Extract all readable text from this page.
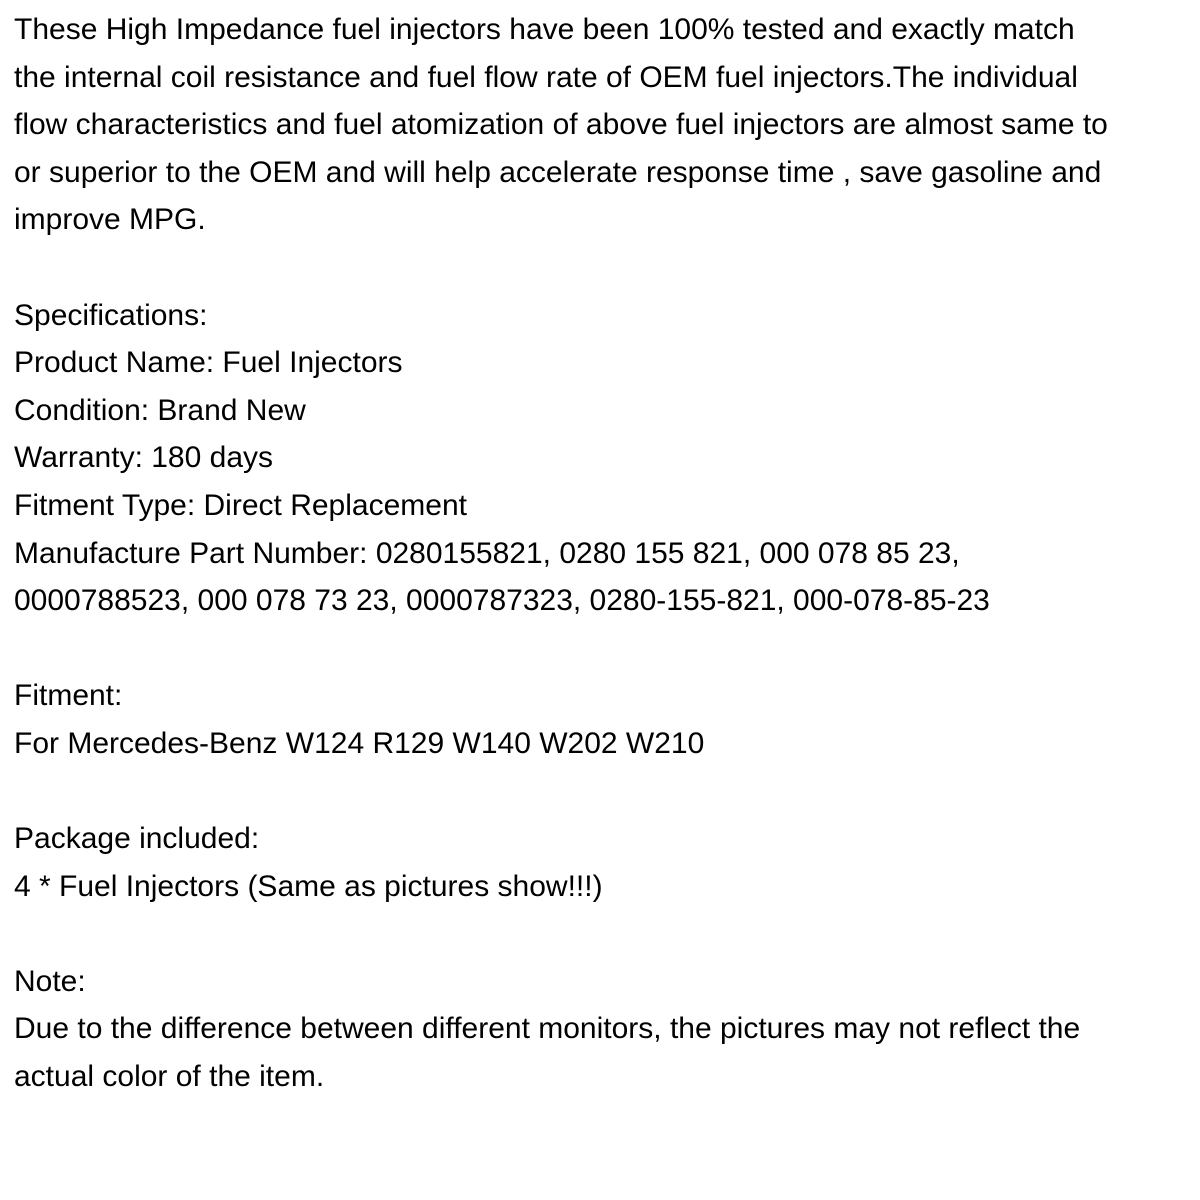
These High Impedance fuel injectors have been 100% tested and exactly match
the internal coil resistance and fuel flow rate of OEM fuel injectors.The individual
flow characteristics and fuel atomization of above fuel injectors are almost same to
or superior to the OEM and will help accelerate response time , save gasoline and
improve MPG.
Specifications:
Product Name: Fuel Injectors
Condition: Brand New
Warranty: 180 days
Fitment Type: Direct Replacement
Manufacture Part Number: 0280155821, 0280 155 821, 000 078 85 23,
0000788523, 000 078 73 23, 0000787323, 0280-155-821, 000-078-85-23
Fitment:
For Mercedes-Benz W124 R129 W140 W202 W210
Package included:
4 * Fuel Injectors (Same as pictures show!!!)
Note:
Due to the difference between different monitors, the pictures may not reflect the
actual color of the item.
